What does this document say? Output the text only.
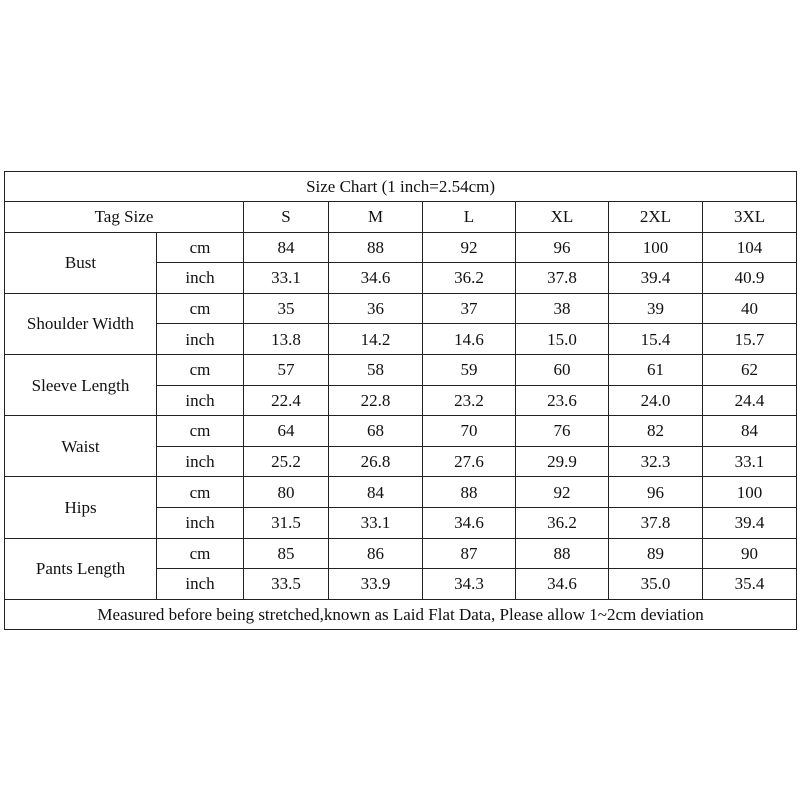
Size Chart (1 inch=2.54cm)							
Tag Size		S	M	L	XL	2XL	3XL
Bust	cm	84	88	92	96	100	104
	inch	33.1	34.6	36.2	37.8	39.4	40.9
Shoulder Width	cm	35	36	37	38	39	40
	inch	13.8	14.2	14.6	15.0	15.4	15.7
Sleeve Length	cm	57	58	59	60	61	62
	inch	22.4	22.8	23.2	23.6	24.0	24.4
Waist	cm	64	68	70	76	82	84
	inch	25.2	26.8	27.6	29.9	32.3	33.1
Hips	cm	80	84	88	92	96	100
	inch	31.5	33.1	34.6	36.2	37.8	39.4
Pants Length	cm	85	86	87	88	89	90
	inch	33.5	33.9	34.3	34.6	35.0	35.4
Measured before being stretched,known as Laid Flat Data, Please allow 1~2cm deviation							
